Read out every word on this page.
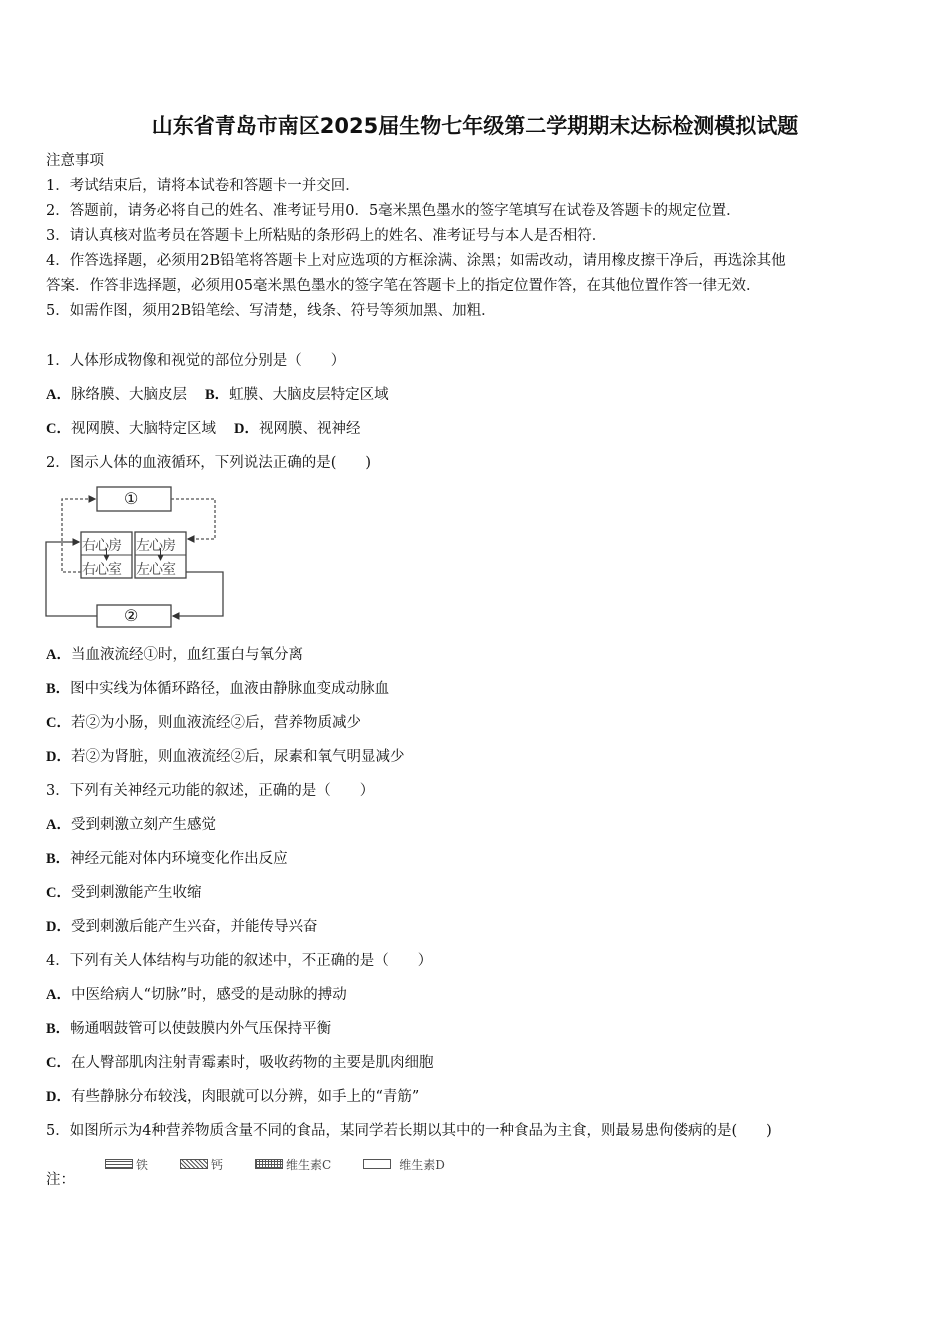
山东省青岛市南区2025届生物七年级第二学期期末达标检测模拟试题
注意事项
1．考试结束后，请将本试卷和答题卡一并交回．
2．答题前，请务必将自己的姓名、准考证号用0．5毫米黑色墨水的签字笔填写在试卷及答题卡的规定位置．
3．请认真核对监考员在答题卡上所粘贴的条形码上的姓名、准考证号与本人是否相符．
4．作答选择题，必须用2B铅笔将答题卡上对应选项的方框涂满、涂黑；如需改动，请用橡皮擦干净后，再选涂其他
答案．作答非选择题，必须用05毫米黑色墨水的签字笔在答题卡上的指定位置作答，在其他位置作答一律无效．
5．如需作图，须用2B铅笔绘、写清楚，线条、符号等须加黑、加粗．
1．人体形成物像和视觉的部位分别是（　　）
A．脉络膜、大脑皮层 B．虹膜、大脑皮层特定区域
C．视网膜、大脑特定区域 D．视网膜、视神经
2．图示人体的血液循环，下列说法正确的是(　　)
①
②
右心房
右心室
左心房
左心室
A．当血液流经①时，血红蛋白与氧分离
B．图中实线为体循环路径，血液由静脉血变成动脉血
C．若②为小肠，则血液流经②后，营养物质减少
D．若②为肾脏，则血液流经②后，尿素和氧气明显减少
3．下列有关神经元功能的叙述，正确的是（　　）
A．受到刺激立刻产生感觉
B．神经元能对体内环境变化作出反应
C．受到刺激能产生收缩
D．受到刺激后能产生兴奋，并能传导兴奋
4．下列有关人体结构与功能的叙述中，不正确的是（　　）
A．中医给病人“切脉”时，感受的是动脉的搏动
B．畅通咽鼓管可以使鼓膜内外气压保持平衡
C．在人臀部肌肉注射青霉素时，吸收药物的主要是肌肉细胞
D．有些静脉分布较浅，肉眼就可以分辨，如手上的“青筋”
5．如图所示为4种营养物质含量不同的食品，某同学若长期以其中的一种食品为主食，则最易患佝偻病的是(　　)
铁	钙	维生素C	维生素D
注：
